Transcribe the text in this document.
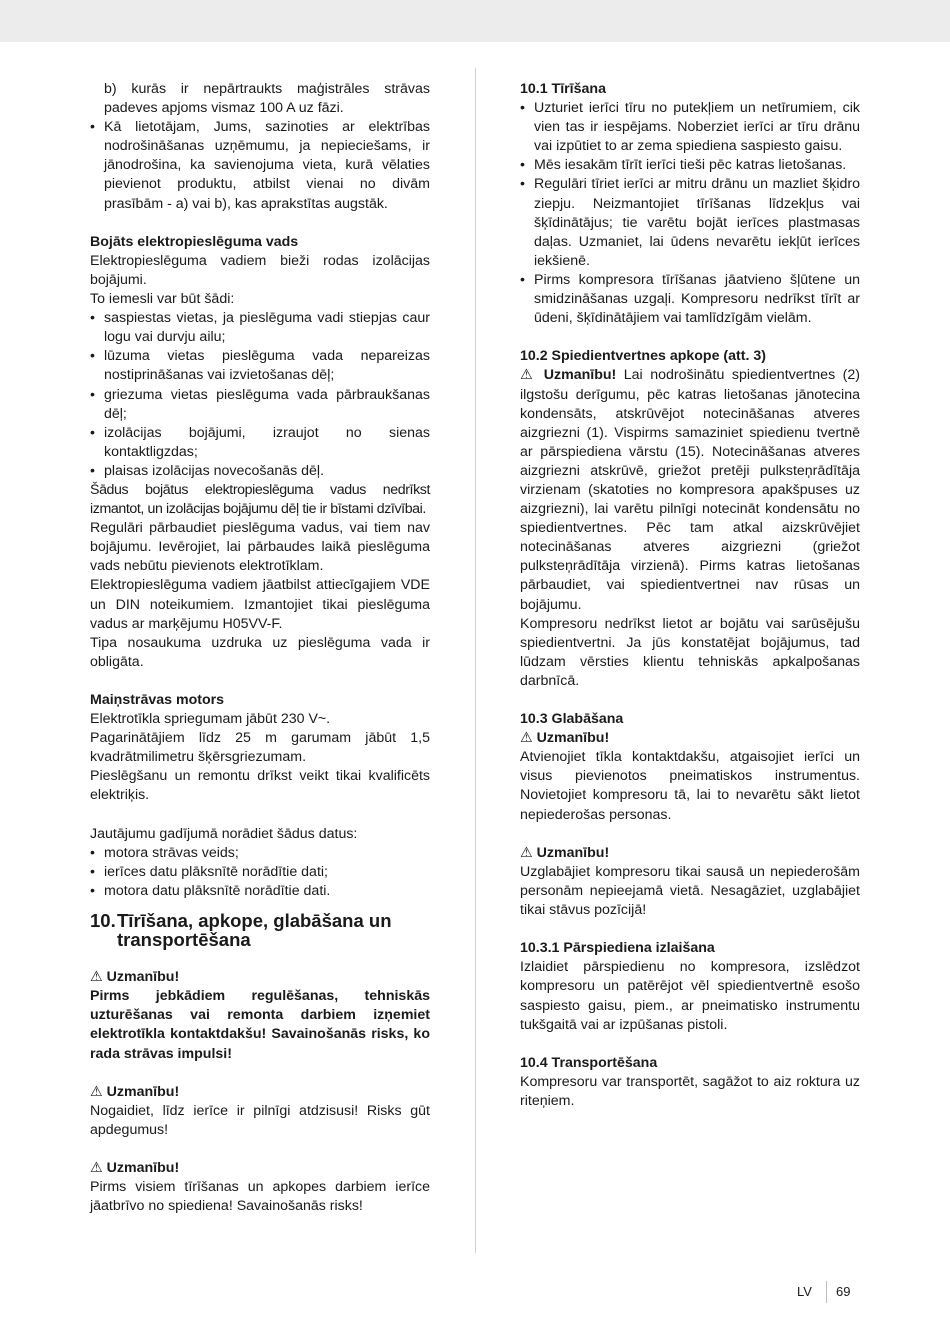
b) kurās ir nepārtraukts maģistrāles strāvas padeves apjoms vismaz 100 A uz fāzi.

• Kā lietotājam, Jums, sazinoties ar elektrības nodrošināšanas uzņēmumu, ja nepieciešams, ir jānodrošina, ka savienojuma vieta, kurā vēlaties pievienot produktu, atbilst vienai no divām prasībām - a) vai b), kas aprakstītas augstāk.

Bojāts elektropieslēguma vads

Elektropieslēguma vadiem bieži rodas izolācijas bojājumi.

To iemesli var būt šādi:

• saspiestas vietas, ja pieslēguma vadi stiepjas caur logu vai durvju ailu;
• lūzuma vietas pieslēguma vada nepareizas nostiprināšanas vai izvietošanas dēļ;
• griezuma vietas pieslēguma vada pārbraukšanas dēļ;
• izolācijas bojājumi, izraujot no sienas kontaktligzdas;
• plaisas izolācijas novecošanās dēļ.

Šādus bojātus elektropieslēguma vadus nedrīkst izmantot, un izolācijas bojājumu dēļ tie ir bīstami dzīvībai.

Regulāri pārbaudiet pieslēguma vadus, vai tiem nav bojājumu. Ievērojiet, lai pārbaudes laikā pieslēguma vads nebūtu pievienots elektrotīklam.

Elektropieslēguma vadiem jāatbilst attiecīgajiem VDE un DIN noteikumiem. Izmantojiet tikai pieslēguma vadus ar marķējumu H05VV-F.

Tipa nosaukuma uzdruka uz pieslēguma vada ir obligāta.

Maiņstrāvas motors

Elektrotīkla spriegumam jābūt 230 V~.

Pagarinātājiem līdz 25 m garumam jābūt 1,5 kvadrātmilimetru šķērsgriezumam.

Pieslēgšanu un remontu drīkst veikt tikai kvalificēts elektriķis.

Jautājumu gadījumā norādiet šādus datus:

• motora strāvas veids;
• ierīces datu plāksnītē norādītie dati;
• motora datu plāksnītē norādītie dati.
10. Tīrīšana, apkope, glabāšana un transportēšana

⚠ Uzmanību!

Pirms jebkādiem regulēšanas, tehniskās uzturēšanas vai remonta darbiem izņemiet elektrotīkla kontaktdakšu! Savainošanās risks, ko rada strāvas impulsi!

⚠ Uzmanību!

Nogaidiet, līdz ierīce ir pilnīgi atdzisusi! Risks gūt apdegumus!

⚠ Uzmanību!

Pirms visiem tīrīšanas un apkopes darbiem ierīce jāatbrīvo no spiediena! Savainošanās risks!

10.1 Tīrīšana

• Uzturiet ierīci tīru no putekļiem un netīrumiem, cik vien tas ir iespējams. Noberziet ierīci ar tīru drānu vai izpūtiet to ar zema spiediena saspiesto gaisu.
• Mēs iesakām tīrīt ierīci tieši pēc katras lietošanas.
• Regulāri tīriet ierīci ar mitru drānu un mazliet šķidro ziepju. Neizmantojiet tīrīšanas līdzekļus vai šķīdinātājus; tie varētu bojāt ierīces plastmasas daļas. Uzmaniet, lai ūdens nevarētu iekļūt ierīces iekšienē.
• Pirms kompresora tīrīšanas jāatvieno šļūtene un smidzināšanas uzgaļi. Kompresoru nedrīkst tīrīt ar ūdeni, šķīdinātājiem vai tamlīdzīgām vielām.

10.2 Spiedientvertnes apkope (att. 3)

⚠ Uzmanību! Lai nodrošinātu spiedientvertnes (2) ilgstošu derīgumu, pēc katras lietošanas jānotecina kondensāts, atskrūvējot notecināšanas atveres aizgriezni (1). Vispirms samaziniet spiedienu tvertnē ar pārspiediena vārstu (15). Notecināšanas atveres aizgriezni atskrūvē, griežot pretēji pulksteņrādītāja virzienam (skatoties no kompresora apakšpuses uz aizgriezni), lai varētu pilnīgi notecināt kondensātu no spiedientvertnes. Pēc tam atkal aizskrūvējiet notecināšanas atveres aizgriezni (griežot pulksteņrādītāja virzienā). Pirms katras lietošanas pārbaudiet, vai spiedientvertnei nav rūsas un bojājumu.

Kompresoru nedrīkst lietot ar bojātu vai sarūsējušu spiedientvertni. Ja jūs konstatējat bojājumus, tad lūdzam vērsties klientu tehniskās apkalpošanas darbnīcā.

10.3 Glabāšana

⚠ Uzmanību!

Atvienojiet tīkla kontaktdakšu, atgaisojiet ierīci un visus pievienotos pneimatiskos instrumentus. Novietojiet kompresoru tā, lai to nevarētu sākt lietot nepiederošas personas.

⚠ Uzmanību!

Uzglabājiet kompresoru tikai sausā un nepiederošām personām nepieejamā vietā. Nesagāziet, uzglabājiet tikai stāvus pozīcijā!

10.3.1 Pārspiediena izlaišana

Izlaidiet pārspiedienu no kompresora, izslēdzot kompresoru un patērējot vēl spiedientvertnē esošo saspiesto gaisu, piem., ar pneimatisko instrumentu tukšgaitā vai ar izpūšanas pistoli.

10.4 Transportēšana

Kompresoru var transportēt, sagāžot to aiz roktura uz riteņiem.

LV 69
